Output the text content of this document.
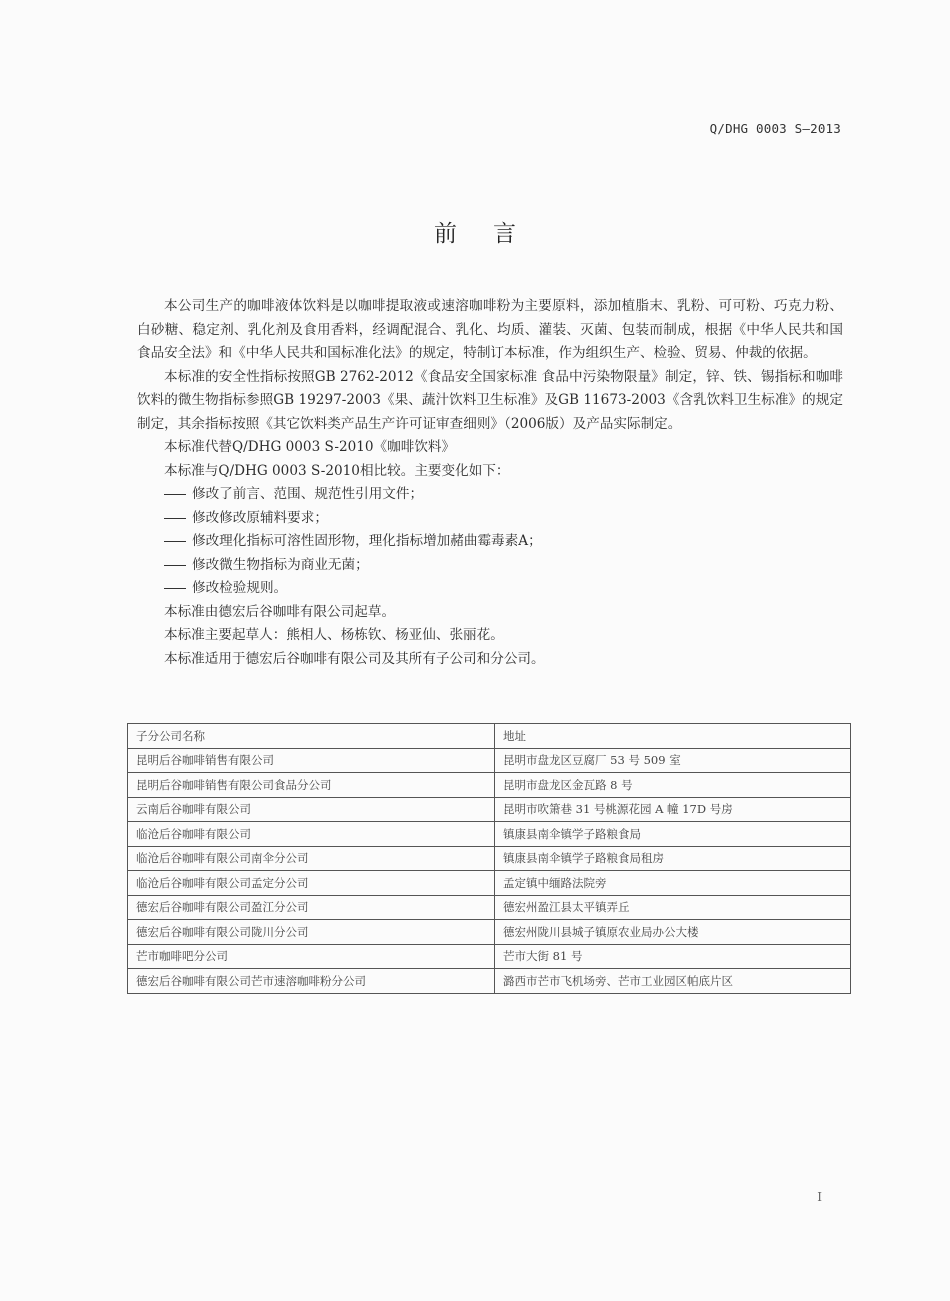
Q/DHG 0003 S—2013
前言

本公司生产的咖啡液体饮料是以咖啡提取液或速溶咖啡粉为主要原料，添加植脂末、乳粉、可可粉、巧克力粉、白砂糖、稳定剂、乳化剂及食用香料，经调配混合、乳化、均质、灌装、灭菌、包装而制成，根据《中华人民共和国食品安全法》和《中华人民共和国标准化法》的规定，特制订本标准，作为组织生产、检验、贸易、仲裁的依据。

本标准的安全性指标按照GB 2762-2012《食品安全国家标准 食品中污染物限量》制定，锌、铁、锡指标和咖啡饮料的微生物指标参照GB 19297-2003《果、蔬汁饮料卫生标准》及GB 11673-2003《含乳饮料卫生标准》的规定制定，其余指标按照《其它饮料类产品生产许可证审查细则》（2006版）及产品实际制定。

本标准代替Q/DHG 0003 S-2010《咖啡饮料》

本标准与Q/DHG 0003 S-2010相比较。主要变化如下：

修改了前言、范围、规范性引用文件；

修改修改原辅料要求；

修改理化指标可溶性固形物，理化指标增加赭曲霉毒素A；

修改微生物指标为商业无菌；

修改检验规则。

本标准由德宏后谷咖啡有限公司起草。

本标准主要起草人：熊相人、杨栋钦、杨亚仙、张丽花。

本标准适用于德宏后谷咖啡有限公司及其所有子公司和分公司。

子分公司名称	地址
昆明后谷咖啡销售有限公司	昆明市盘龙区豆腐厂 53 号 509 室
昆明后谷咖啡销售有限公司食品分公司	昆明市盘龙区金瓦路 8 号
云南后谷咖啡有限公司	昆明市吹箫巷 31 号桃源花园 A 幢 17D 号房
临沧后谷咖啡有限公司	镇康县南伞镇学子路粮食局
临沧后谷咖啡有限公司南伞分公司	镇康县南伞镇学子路粮食局租房
临沧后谷咖啡有限公司孟定分公司	孟定镇中缅路法院旁
德宏后谷咖啡有限公司盈江分公司	德宏州盈江县太平镇弄丘
德宏后谷咖啡有限公司陇川分公司	德宏州陇川县城子镇原农业局办公大楼
芒市咖啡吧分公司	芒市大街 81 号
德宏后谷咖啡有限公司芒市速溶咖啡粉分公司	潞西市芒市飞机场旁、芒市工业园区帕底片区
I
